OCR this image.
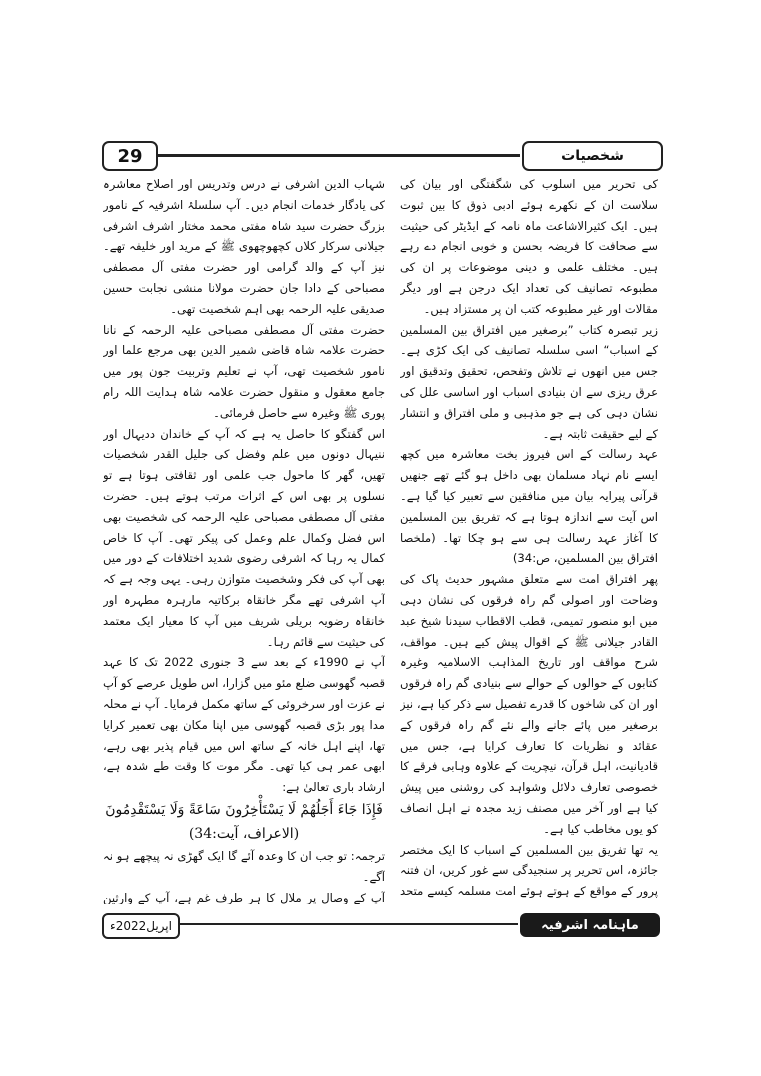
29	شخصیات

کی تحریر میں اسلوب کی شگفتگی اور بیان کی سلاست ان کے نکھرے ہوئے ادبی ذوق کا بین ثبوت ہیں۔ ایک کثیرالاشاعت ماہ نامہ کے ایڈیٹر کی حیثیت سے صحافت کا فریضہ بحسن و خوبی انجام دے رہے ہیں۔ مختلف علمی و دینی موضوعات پر ان کی مطبوعہ تصانیف کی تعداد ایک درجن ہے اور دیگر مقالات اور غیر مطبوعہ کتب ان پر مستزاد ہیں۔

زیر تبصرہ کتاب ”برصغیر میں افتراق بین المسلمین کے اسباب“ اسی سلسلہ تصانیف کی ایک کڑی ہے۔ جس میں انھوں نے تلاش وتفحص، تحقیق وتدقیق اور عرق ریزی سے ان بنیادی اسباب اور اساسی علل کی نشان دہی کی ہے جو مذہبی و ملی افتراق و انتشار کے لیے حقیقت ثابتہ ہے۔

عہد رسالت کے اس فیروز بخت معاشرہ میں کچھ ایسے نام نہاد مسلمان بھی داخل ہو گئے تھے جنھیں قرآنی پیرایہ بیان میں منافقین سے تعبیر کیا گیا ہے۔ اس آیت سے اندازہ ہوتا ہے کہ تفریق بین المسلمین کا آغاز عہد رسالت ہی سے ہو چکا تھا۔ (ملخصا افتراق بین المسلمین، ص:34)

پھر افتراق امت سے متعلق مشہور حدیث پاک کی وضاحت اور اصولی گم راہ فرقوں کی نشان دہی میں ابو منصور تمیمی، قطب الاقطاب سیدنا شیخ عبد القادر جیلانی ﷺ کے اقوال پیش کیے ہیں۔ مواقف، شرح مواقف اور تاریخ المذاہب الاسلامیہ وغیرہ کتابوں کے حوالوں کے حوالے سے بنیادی گم راہ فرقوں اور ان کی شاخوں کا قدرے تفصیل سے ذکر کیا ہے، نیز برصغیر میں پائے جانے والے نئے گم راہ فرقوں کے عقائد و نظریات کا تعارف کرایا ہے، جس میں قادیانیت، اہل قرآن، نیچریت کے علاوہ وہابی فرقے کا خصوصی تعارف دلائل وشواہد کی روشنی میں پیش کیا ہے اور آخر میں مصنف زید مجدہ نے اہل انصاف کو یوں مخاطب کیا ہے۔

یہ تھا تفریق بین المسلمین کے اسباب کا ایک مختصر جائزہ، اس تحریر پر سنجیدگی سے غور کریں، ان فتنہ پرور کے مواقع کے ہوتے ہوئے امت مسلمہ کیسے متحد

شہاب الدین اشرفی نے درس وتدریس اور اصلاح معاشرہ کی یادگار خدمات انجام دیں۔ آپ سلسلۂ اشرفیہ کے نامور بزرگ حضرت سید شاہ مفتی محمد مختار اشرف اشرفی جیلانی سرکار کلاں کچھوچھوی ﷺ کے مرید اور خلیفہ تھے۔ نیز آپ کے والد گرامی اور حضرت مفتی آل مصطفی مصباحی کے دادا جان حضرت مولانا منشی نجابت حسین صدیقی علیہ الرحمہ بھی اہم شخصیت تھی۔

حضرت مفتی آل مصطفی مصباحی علیہ الرحمہ کے نانا حضرت علامہ شاہ قاضی شمیر الدین بھی مرجع علما اور نامور شخصیت تھی، آپ نے تعلیم وتربیت جون پور میں جامع معقول و منقول حضرت علامہ شاہ ہدایت اللہ رام پوری ﷺ وغیرہ سے حاصل فرمائی۔

اس گفتگو کا حاصل یہ ہے کہ آپ کے خاندان ددیہال اور ننیہال دونوں میں علم وفضل کی جلیل القدر شخصیات تھیں، گھر کا ماحول جب علمی اور ثقافتی ہوتا ہے تو نسلوں پر بھی اس کے اثرات مرتب ہوتے ہیں۔ حضرت مفتی آل مصطفی مصباحی علیہ الرحمہ کی شخصیت بھی اس فضل وکمال علم وعمل کی پیکر تھی۔ آپ کا خاص کمال یہ رہا کہ اشرفی رضوی شدید اختلافات کے دور میں بھی آپ کی فکر وشخصیت متوازن رہی۔ یہی وجہ ہے کہ آپ اشرفی تھے مگر خانقاہ برکاتیہ مارہرہ مطہرہ اور خانقاہ رضویہ بریلی شریف میں آپ کا معیار ایک معتمد کی حیثیت سے قائم رہا۔

آپ نے 1990ء کے بعد سے 3 جنوری 2022 تک کا عہد قصبہ گھوسی ضلع مئو میں گزارا، اس طویل عرصے کو آپ نے عزت اور سرخروئی کے ساتھ مکمل فرمایا۔ آپ نے محلہ مدا پور بڑی قصبہ گھوسی میں اپنا مکان بھی تعمیر کرایا تھا، اپنے اہل خانہ کے ساتھ اس میں قیام پذیر بھی رہے، ابھی عمر ہی کیا تھی۔ مگر موت کا وقت طے شدہ ہے، ارشاد باری تعالیٰ ہے:

فَإِذَا جَاءَ أَجَلُهُمْ لَا يَسْتَأْخِرُونَ سَاعَةً وَلَا يَسْتَقْدِمُونَ (الاعراف، آیت:34)

ترجمہ: تو جب ان کا وعدہ آئے گا ایک گھڑی نہ پیچھے ہو نہ آگے۔

آپ کے وصال پر ملال کا ہر طرف غم ہے، آپ کے وارثین

اپریل2022ء	ماہنامہ اشرفیہ
